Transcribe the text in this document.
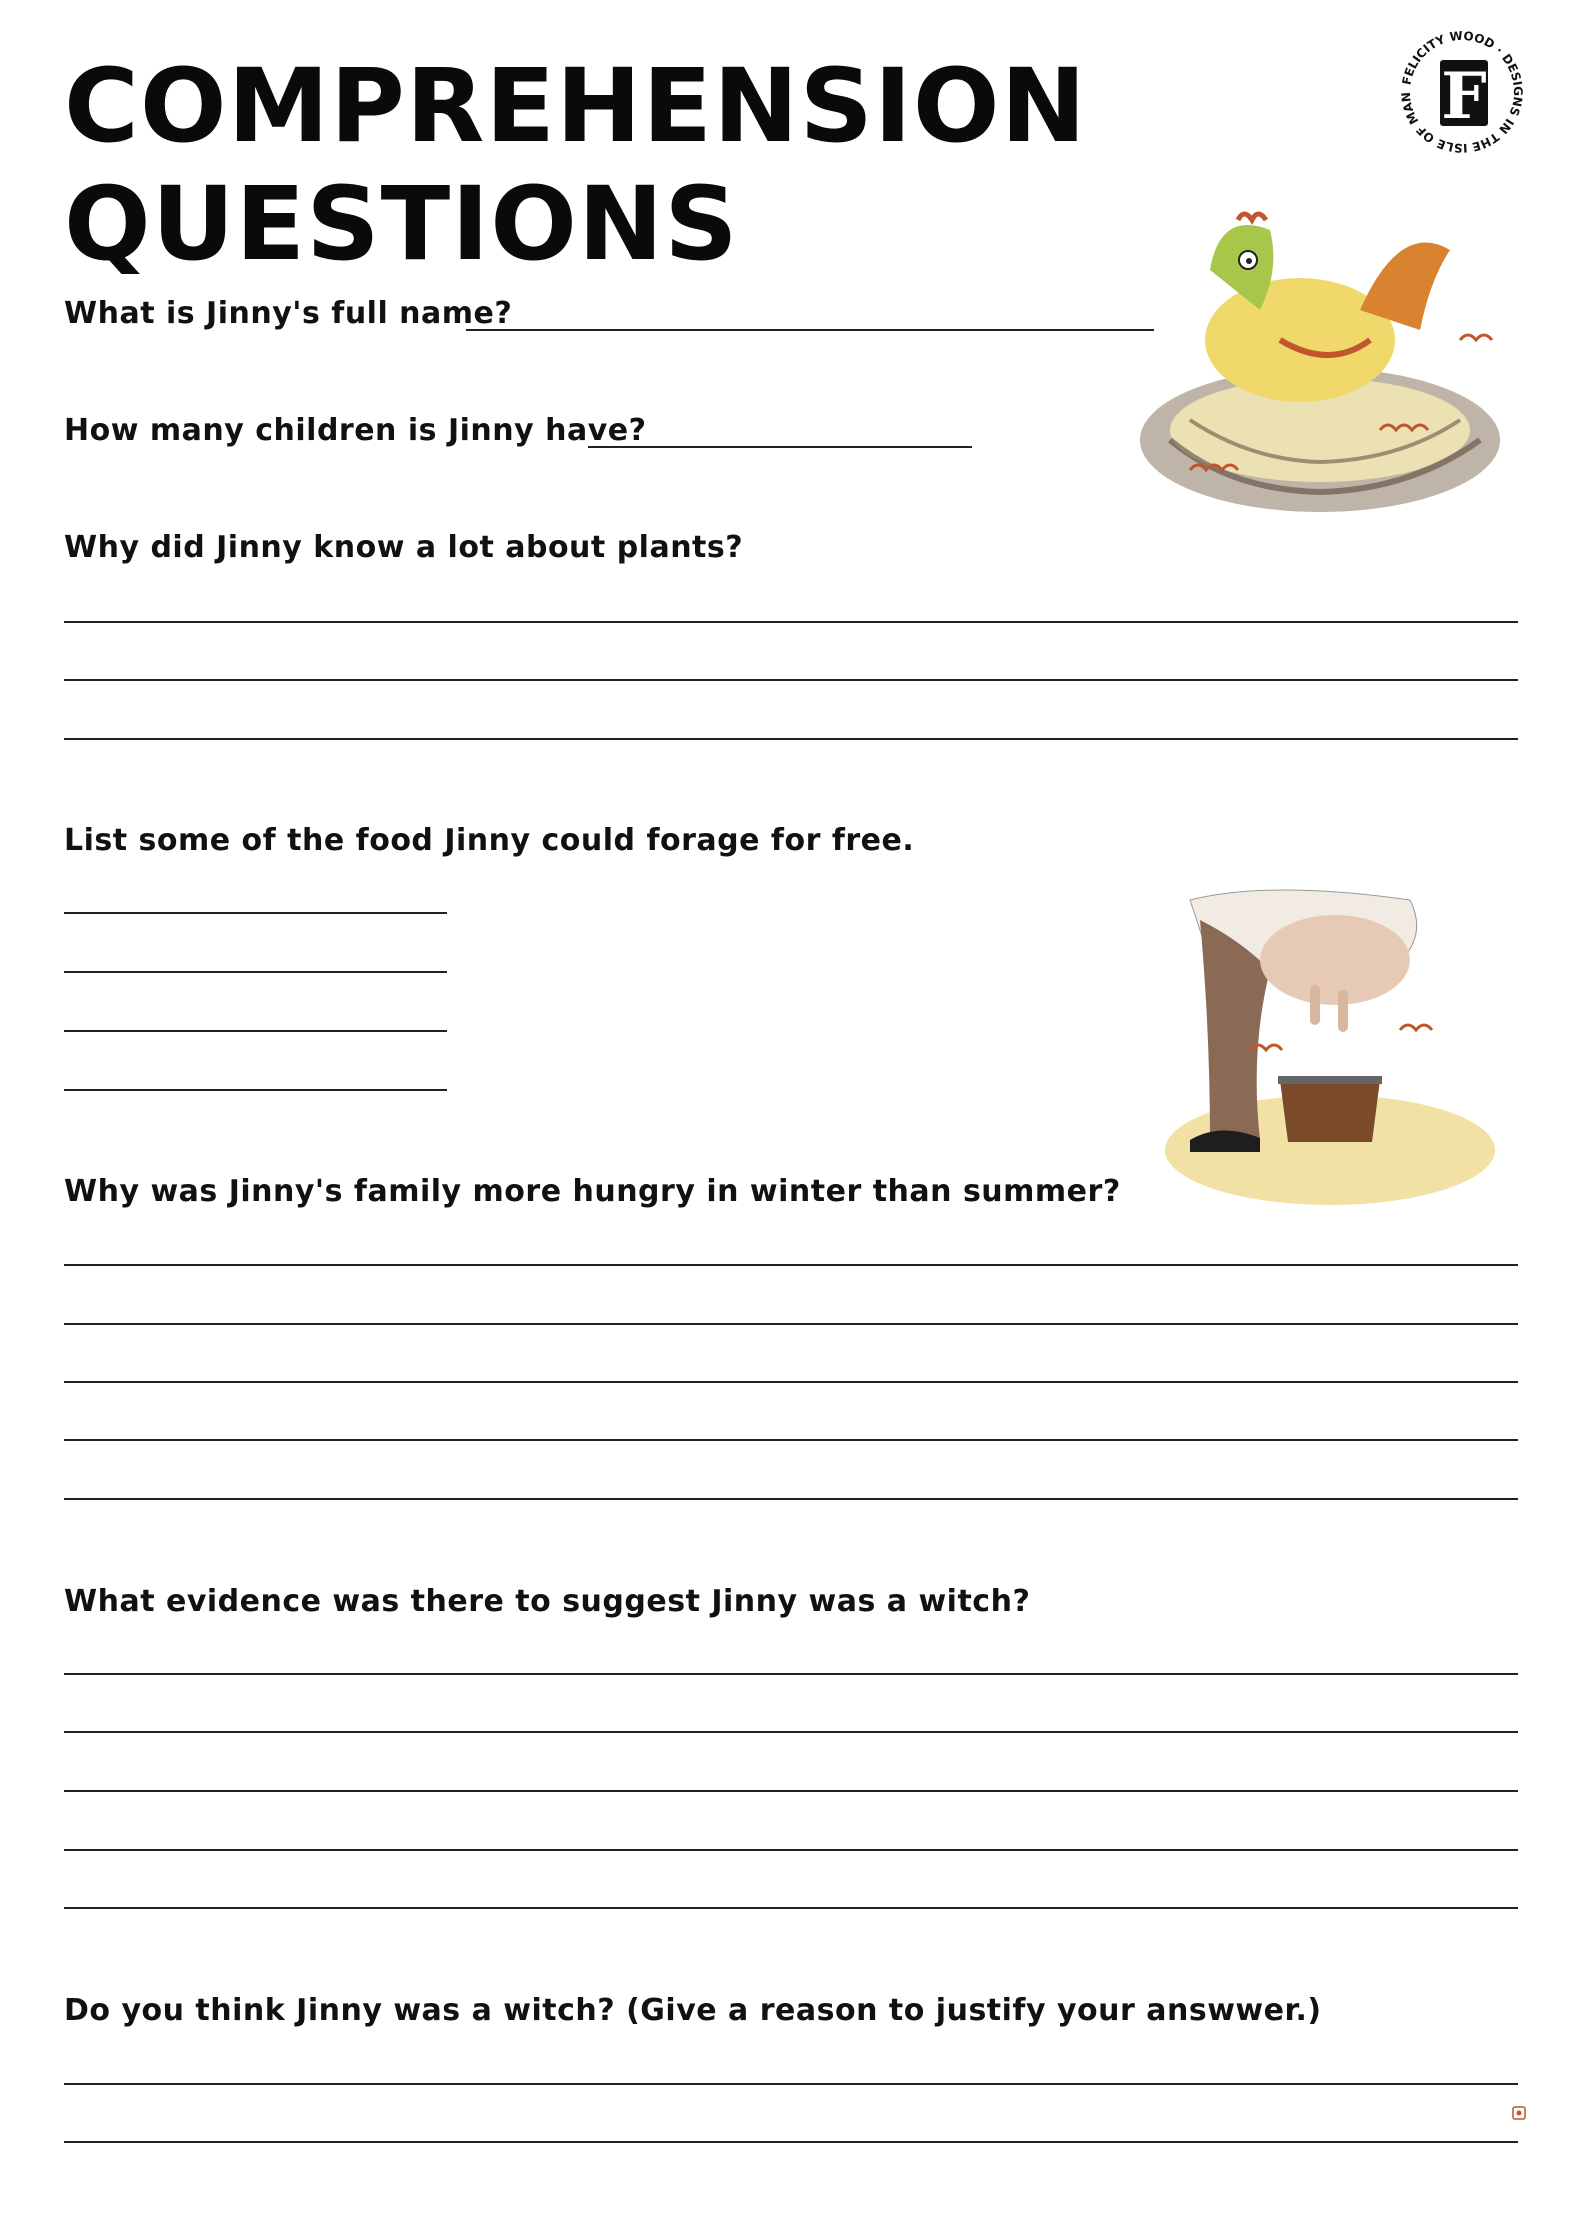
COMPREHENSION
QUESTIONS
FELICITY WOOD · DESIGNS IN THE ISLE OF MAN F
What is Jinny's full name?
How many children is Jinny have?
Why did Jinny know a lot about plants?
List some of the food Jinny could forage for free.
Why was Jinny's family more hungry in winter than summer?
What evidence was there to suggest Jinny was a witch?
Do you think Jinny was a witch? (Give a reason to justify your answwer.)
